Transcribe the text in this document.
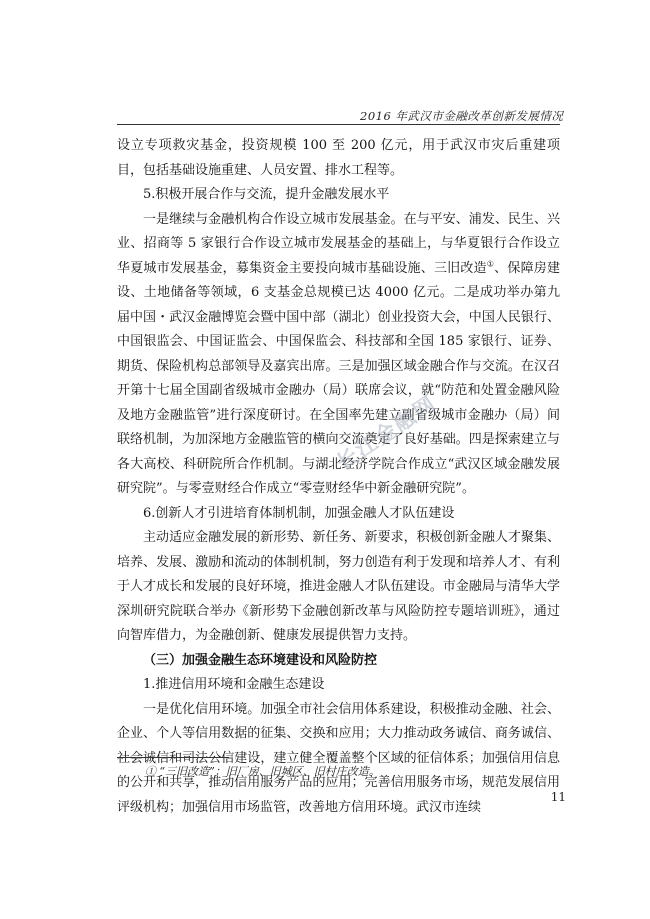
2016 年武汉市金融改革创新发展情况

设立专项救灾基金，投资规模 100 至 200 亿元，用于武汉市灾后重建项目，包括基础设施重建、人员安置、排水工程等。

5.积极开展合作与交流，提升金融发展水平

一是继续与金融机构合作设立城市发展基金。在与平安、浦发、民生、兴业、招商等 5 家银行合作设立城市发展基金的基础上，与华夏银行合作设立华夏城市发展基金，募集资金主要投向城市基础设施、三旧改造①、保障房建设、土地储备等领域，6 支基金总规模已达 4000 亿元。二是成功举办第九届中国・武汉金融博览会暨中国中部（湖北）创业投资大会，中国人民银行、中国银监会、中国证监会、中国保监会、科技部和全国 185 家银行、证券、期货、保险机构总部领导及嘉宾出席。三是加强区域金融合作与交流。在汉召开第十七届全国副省级城市金融办（局）联席会议，就“防范和处置金融风险及地方金融监管”进行深度研讨。在全国率先建立副省级城市金融办（局）间联络机制，为加深地方金融监管的横向交流奠定了良好基础。四是探索建立与各大高校、科研院所合作机制。与湖北经济学院合作成立“武汉区域金融发展研究院”。与零壹财经合作成立“零壹财经华中新金融研究院”。

6.创新人才引进培育体制机制，加强金融人才队伍建设

主动适应金融发展的新形势、新任务、新要求，积极创新金融人才聚集、培养、发展、激励和流动的体制机制，努力创造有利于发现和培养人才、有利于人才成长和发展的良好环境，推进金融人才队伍建设。市金融局与清华大学深圳研究院联合举办《新形势下金融创新改革与风险防控专题培训班》，通过向智库借力，为金融创新、健康发展提供智力支持。

（三）加强金融生态环境建设和风险防控

1.推进信用环境和金融生态建设

一是优化信用环境。加强全市社会信用体系建设，积极推动金融、社会、企业、个人等信用数据的征集、交换和应用；大力推动政务诚信、商务诚信、社会诚信和司法公信建设，建立健全覆盖整个区域的征信体系；加强信用信息的公开和共享，推动信用服务产品的应用；完善信用服务市场，规范发展信用评级机构；加强信用市场监管，改善地方信用环境。武汉市连续

① “三旧改造”：旧厂房、旧城区、旧村庄改造。
11
长江金融网
